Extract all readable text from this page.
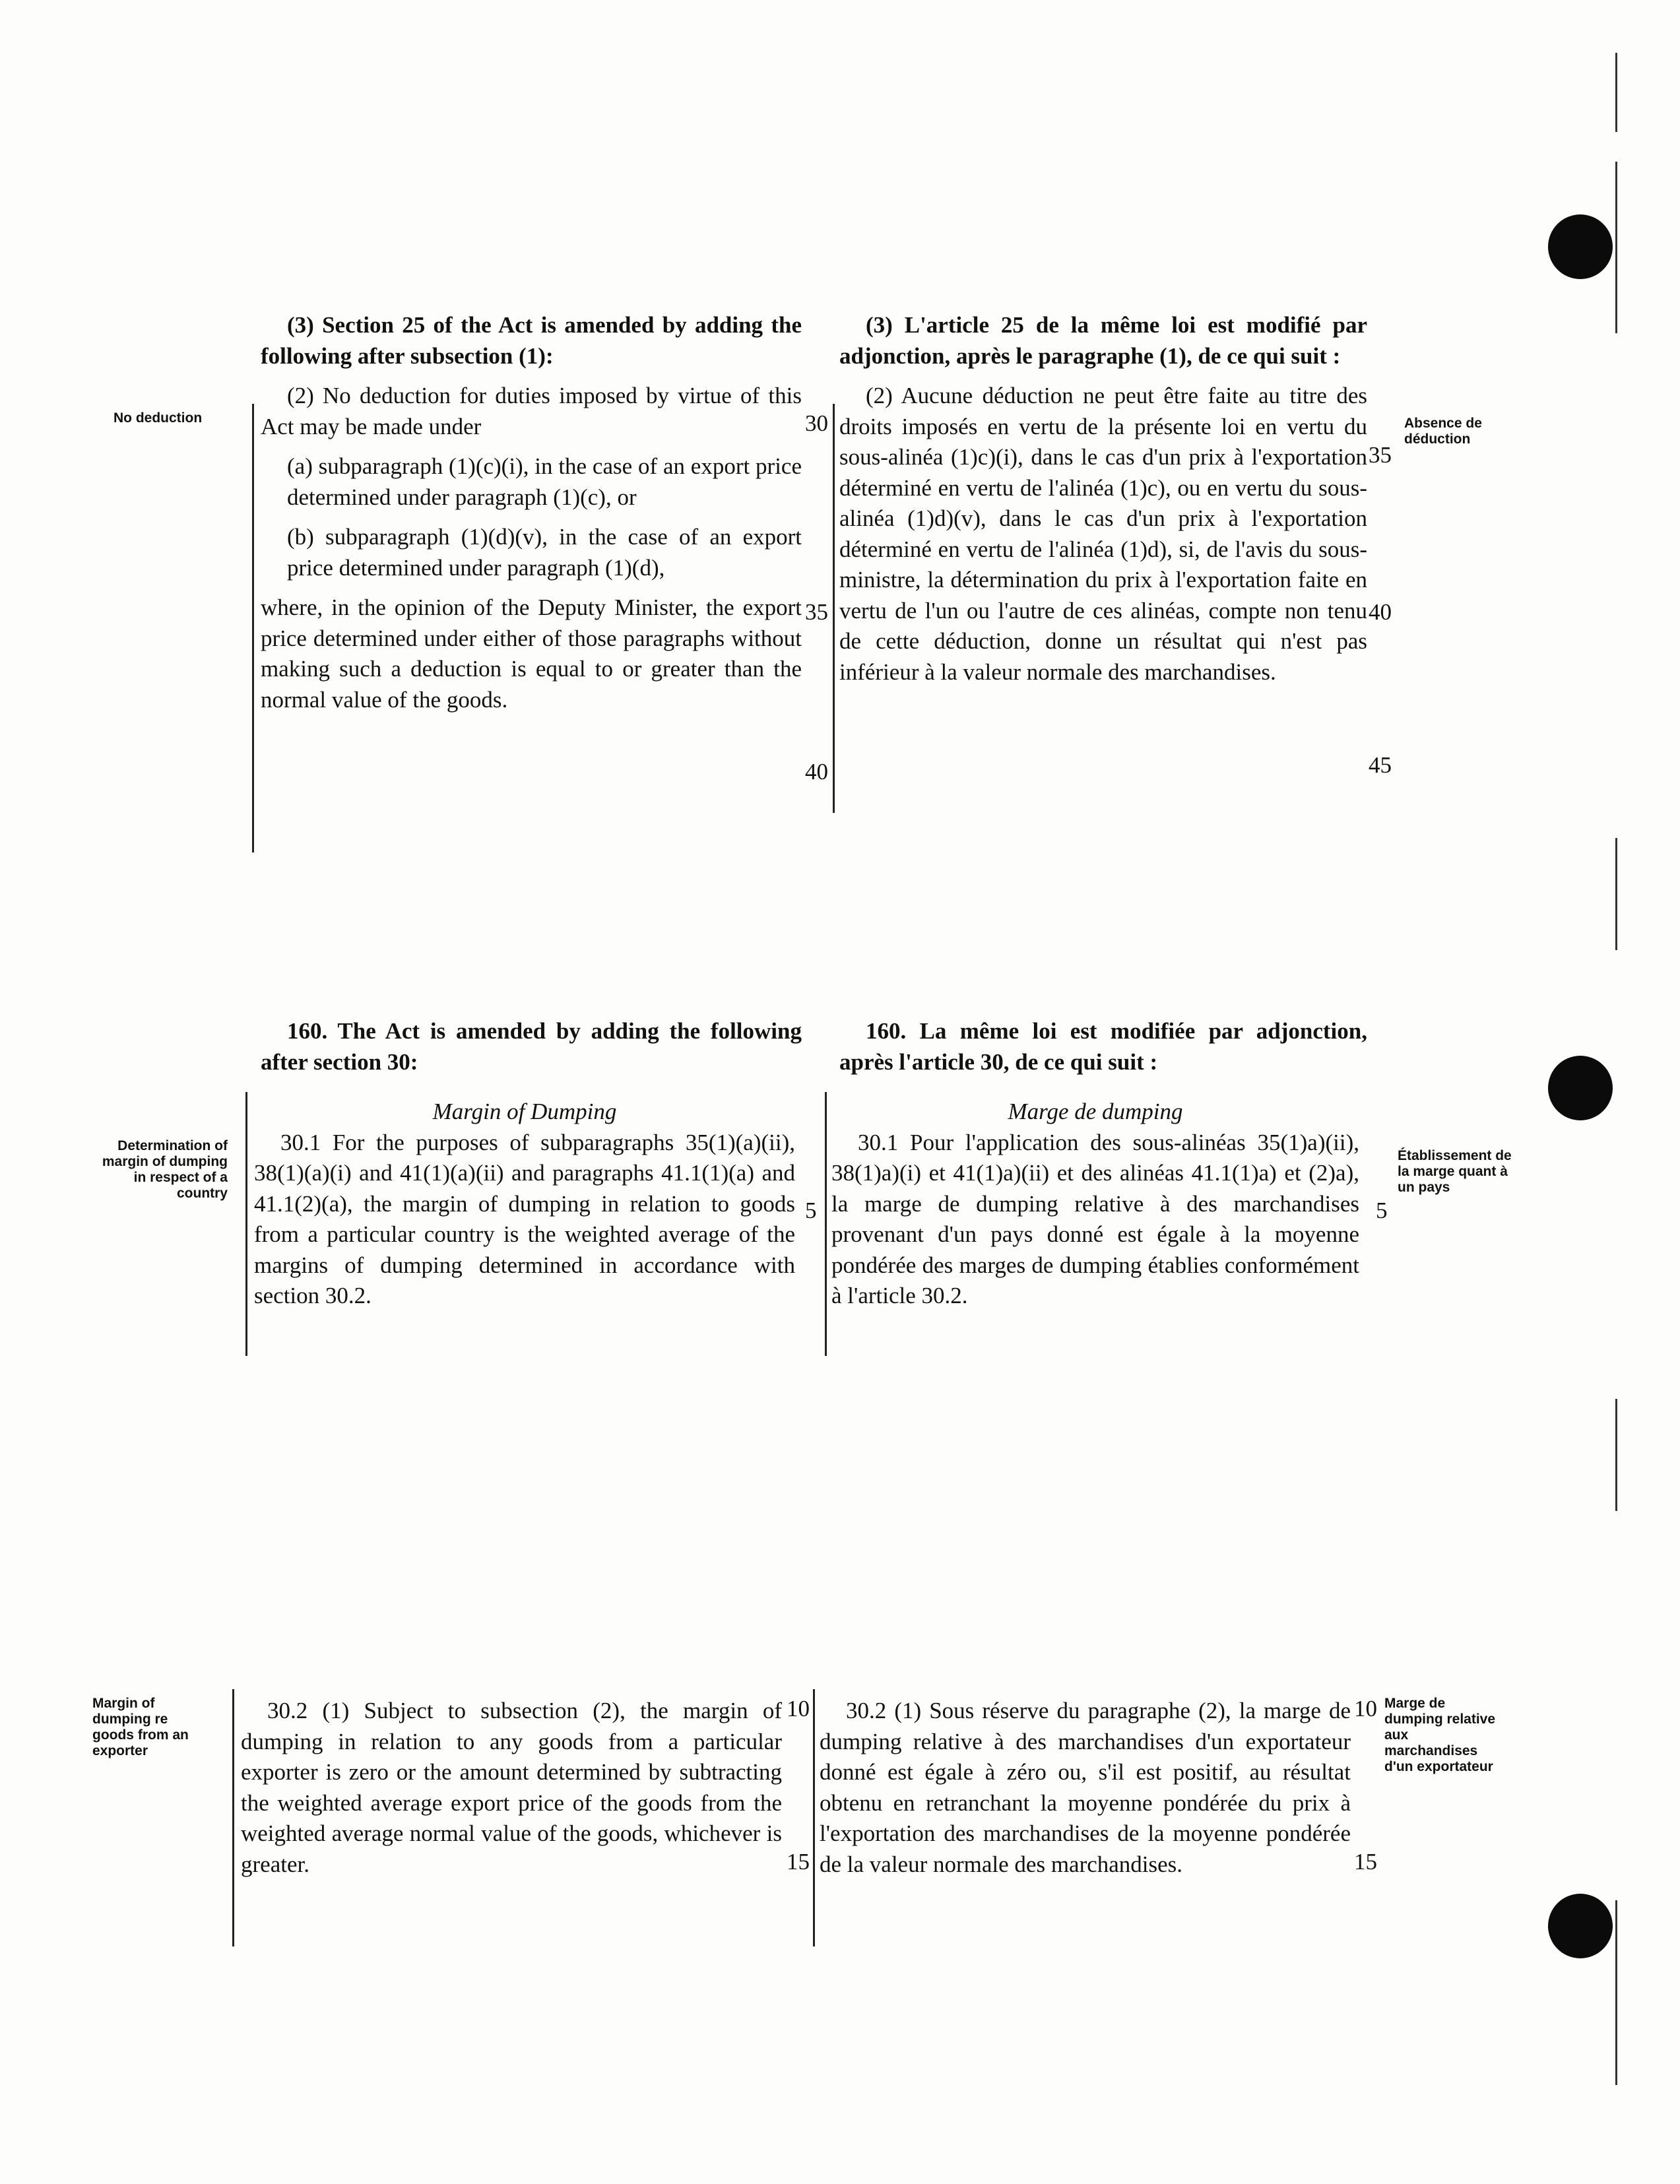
No deduction

(3) Section 25 of the Act is amended by adding the following after subsection (1):

(2) No deduction for duties imposed by virtue of this Act may be made under

(a) subparagraph (1)(c)(i), in the case of an export price determined under paragraph (1)(c), or

(b) subparagraph (1)(d)(v), in the case of an export price determined under paragraph (1)(d),

where, in the opinion of the Deputy Minister, the export price determined under either of those paragraphs without making such a deduction is equal to or greater than the normal value of the goods.

30
35
40

(3) L'article 25 de la même loi est modifié par adjonction, après le paragraphe (1), de ce qui suit :

(2) Aucune déduction ne peut être faite au titre des droits imposés en vertu de la présente loi en vertu du sous-alinéa (1)c)(i), dans le cas d'un prix à l'exportation déterminé en vertu de l'alinéa (1)c), ou en vertu du sous-alinéa (1)d)(v), dans le cas d'un prix à l'exportation déterminé en vertu de l'alinéa (1)d), si, de l'avis du sous-ministre, la détermination du prix à l'exportation faite en vertu de l'un ou l'autre de ces alinéas, compte non tenu de cette déduction, donne un résultat qui n'est pas inférieur à la valeur normale des marchandises.

35
40
45
Absence de déduction

160. The Act is amended by adding the following after section 30:

160. La même loi est modifiée par adjonction, après l'article 30, de ce qui suit :

Determination of margin of dumping in respect of a country

Margin of Dumping

30.1 For the purposes of subparagraphs 35(1)(a)(ii), 38(1)(a)(i) and 41(1)(a)(ii) and paragraphs 41.1(1)(a) and 41.1(2)(a), the margin of dumping in relation to goods from a particular country is the weighted average of the margins of dumping determined in accordance with section 30.2.

5

Marge de dumping

30.1 Pour l'application des sous-alinéas 35(1)a)(ii), 38(1)a)(i) et 41(1)a)(ii) et des alinéas 41.1(1)a) et (2)a), la marge de dumping relative à des marchandises provenant d'un pays donné est égale à la moyenne pondérée des marges de dumping établies conformément à l'article 30.2.

5
Établissement de la marge quant à un pays
Margin of dumping re goods from an exporter

30.2 (1) Subject to subsection (2), the margin of dumping in relation to any goods from a particular exporter is zero or the amount determined by subtracting the weighted average export price of the goods from the weighted average normal value of the goods, whichever is greater.

10
15

30.2 (1) Sous réserve du paragraphe (2), la marge de dumping relative à des marchandises d'un exportateur donné est égale à zéro ou, s'il est positif, au résultat obtenu en retranchant la moyenne pondérée du prix à l'exportation des marchandises de la moyenne pondérée de la valeur normale des marchandises.

10
15
Marge de dumping relative aux marchandises d'un exportateur
